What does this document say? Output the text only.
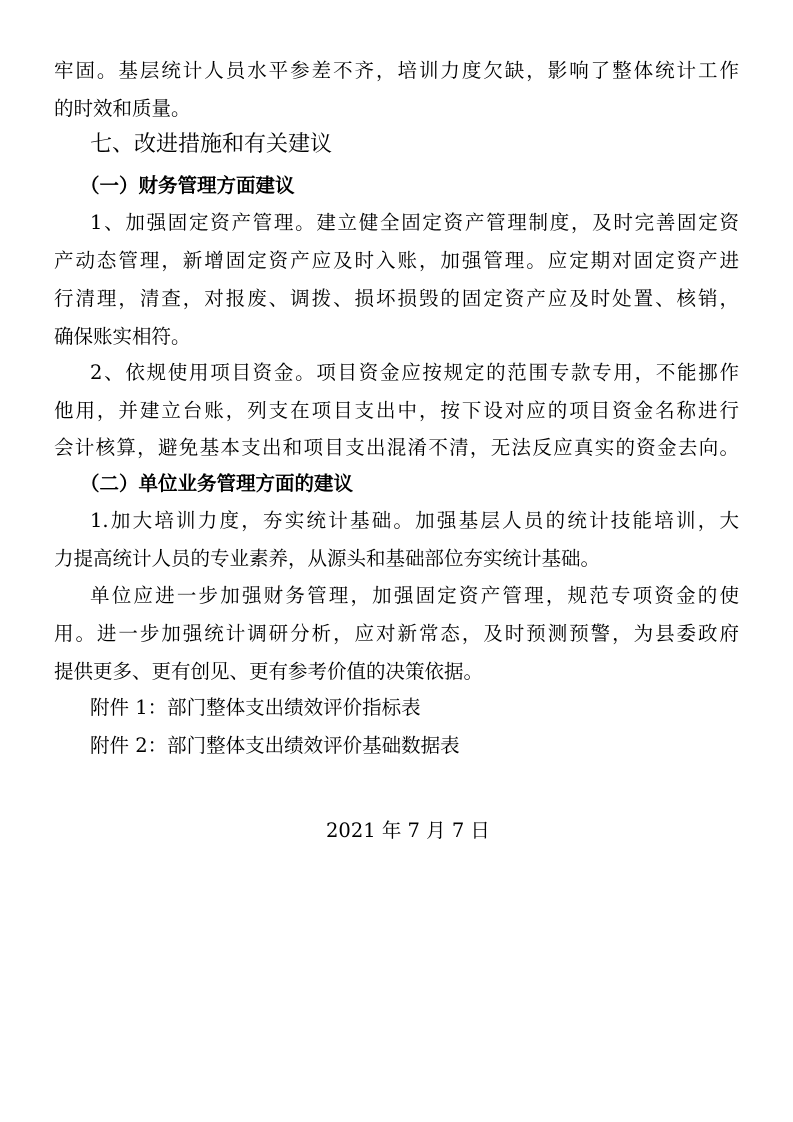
牢固。基层统计人员水平参差不齐，培训力度欠缺，影响了整体统计工作
的时效和质量。
七、改进措施和有关建议
（一）财务管理方面建议
1、加强固定资产管理。建立健全固定资产管理制度，及时完善固定资
产动态管理，新增固定资产应及时入账，加强管理。应定期对固定资产进
行清理，清查，对报废、调拨、损坏损毁的固定资产应及时处置、核销，
确保账实相符。
2、依规使用项目资金。项目资金应按规定的范围专款专用，不能挪作
他用，并建立台账，列支在项目支出中，按下设对应的项目资金名称进行
会计核算，避免基本支出和项目支出混淆不清，无法反应真实的资金去向。
（二）单位业务管理方面的建议
1.加大培训力度，夯实统计基础。加强基层人员的统计技能培训，大
力提高统计人员的专业素养，从源头和基础部位夯实统计基础。
单位应进一步加强财务管理，加强固定资产管理，规范专项资金的使
用。进一步加强统计调研分析，应对新常态，及时预测预警，为县委政府
提供更多、更有创见、更有参考价值的决策依据。
附件 1：部门整体支出绩效评价指标表
附件 2：部门整体支出绩效评价基础数据表
2021 年 7 月 7 日
